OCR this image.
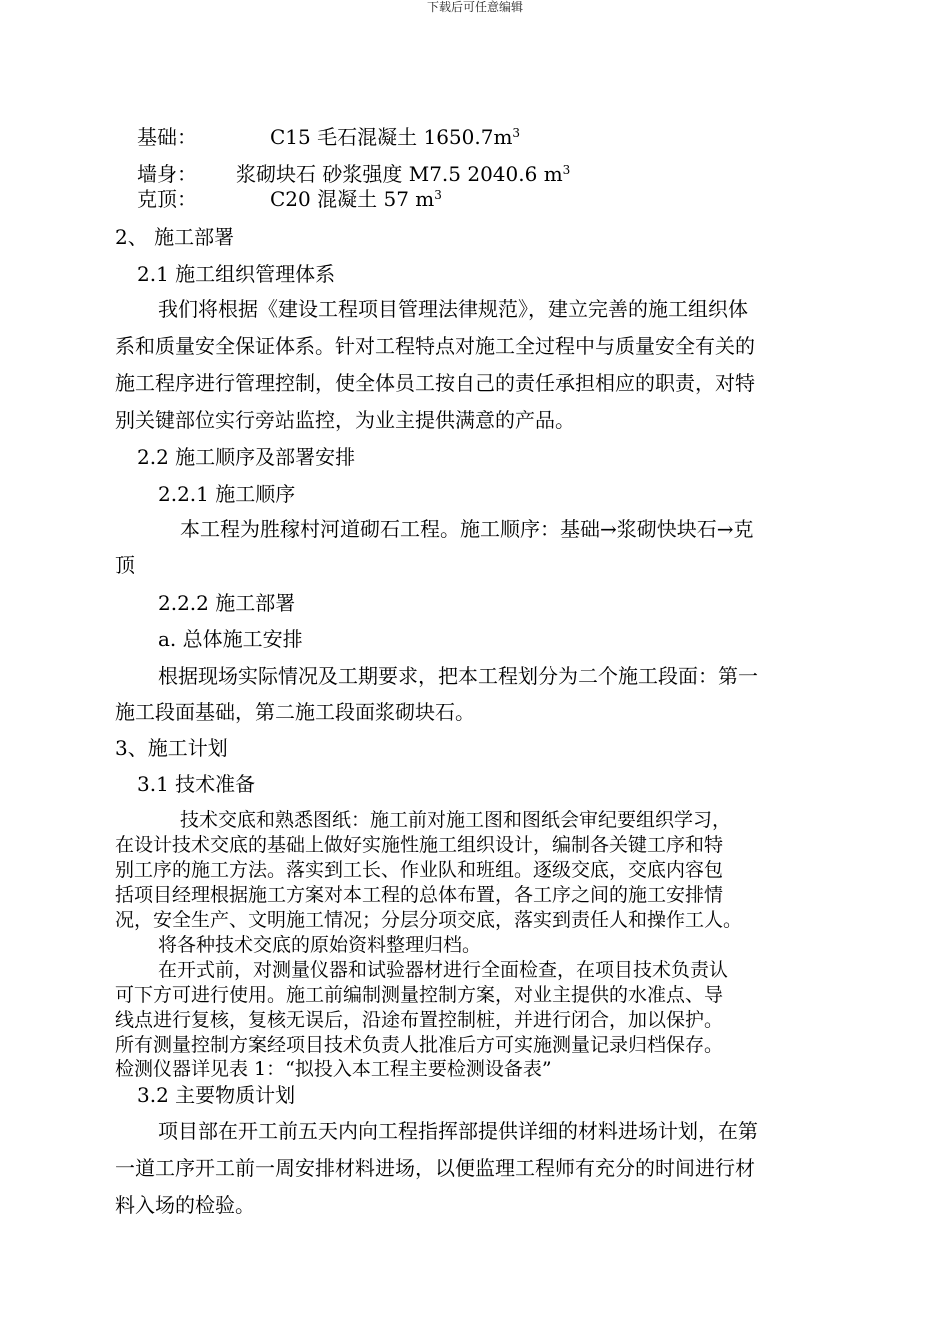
下载后可任意编辑
基础：	C15 毛石混凝土 $1650.7m^3$
墙身： 浆砌块石 砂浆强度 M7.5 2040.6 $m^3$
克顶：	C20 混凝土 57 $m^3$
2、 施工部署
2.1 施工组织管理体系
我们将根据《建设工程项目管理法律规范》，建立完善的施工组织体
系和质量安全保证体系。针对工程特点对施工全过程中与质量安全有关的
施工程序进行管理控制，使全体员工按自己的责任承担相应的职责，对特
别关键部位实行旁站监控，为业主提供满意的产品。
2.2 施工顺序及部署安排
2.2.1 施工顺序
本工程为胜稼村河道砌石工程。施工顺序：基础→浆砌快块石→克
顶
2.2.2 施工部署
a. 总体施工安排
根据现场实际情况及工期要求，把本工程划分为二个施工段面：第一
施工段面基础，第二施工段面浆砌块石。
3、施工计划
3.1 技术准备
技术交底和熟悉图纸：施工前对施工图和图纸会审纪要组织学习，
在设计技术交底的基础上做好实施性施工组织设计，编制各关键工序和特
别工序的施工方法。落实到工长、作业队和班组。逐级交底，交底内容包
括项目经理根据施工方案对本工程的总体布置，各工序之间的施工安排情
况，安全生产、文明施工情况；分层分项交底，落实到责任人和操作工人。
将各种技术交底的原始资料整理归档。
在开式前，对测量仪器和试验器材进行全面检查，在项目技术负责认
可下方可进行使用。施工前编制测量控制方案，对业主提供的水准点、导
线点进行复核，复核无误后，沿途布置控制桩，并进行闭合，加以保护。
所有测量控制方案经项目技术负责人批准后方可实施测量记录归档保存。
检测仪器详见表 1：“拟投入本工程主要检测设备表”
3.2 主要物质计划
项目部在开工前五天内向工程指挥部提供详细的材料进场计划，在第
一道工序开工前一周安排材料进场，以便监理工程师有充分的时间进行材
料入场的检验。
